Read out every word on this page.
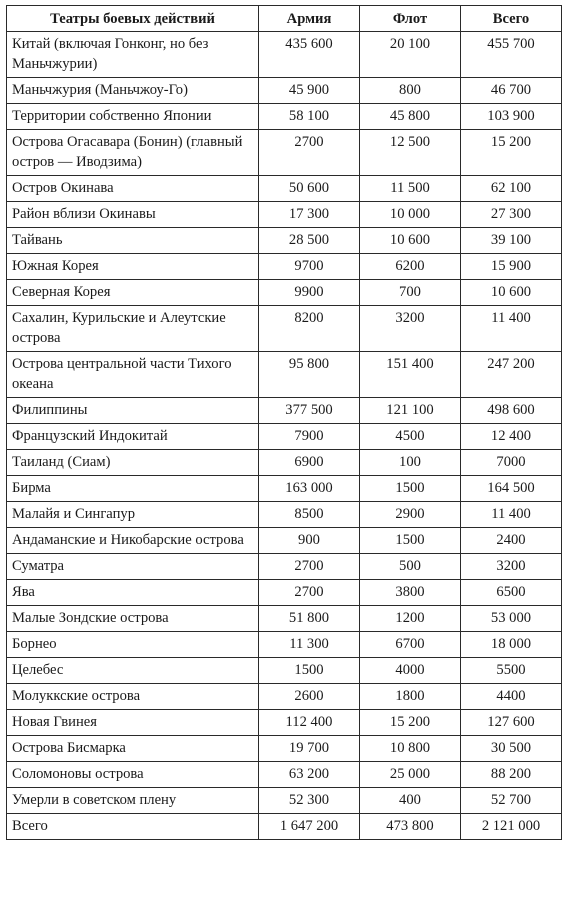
Театры боевых действий	Армия	Флот	Всего
Китай (включая Гонконг, но без Маньчжурии)	435 600	20 100	455 700
Маньчжурия (Маньчжоу-Го)	45 900	800	46 700
Территории собственно Японии	58 100	45 800	103 900
Острова Огасавара (Бонин) (главный остров — Иводзима)	2700	12 500	15 200
Остров Окинава	50 600	11 500	62 100
Район вблизи Окинавы	17 300	10 000	27 300
Тайвань	28 500	10 600	39 100
Южная Корея	9700	6200	15 900
Северная Корея	9900	700	10 600
Сахалин, Курильские и Алеутские острова	8200	3200	11 400
Острова центральной части Тихого океана	95 800	151 400	247 200
Филиппины	377 500	121 100	498 600
Французский Индокитай	7900	4500	12 400
Таиланд (Сиам)	6900	100	7000
Бирма	163 000	1500	164 500
Малайя и Сингапур	8500	2900	11 400
Андаманские и Никобарские острова	900	1500	2400
Суматра	2700	500	3200
Ява	2700	3800	6500
Малые Зондские острова	51 800	1200	53 000
Борнео	11 300	6700	18 000
Целебес	1500	4000	5500
Молуккские острова	2600	1800	4400
Новая Гвинея	112 400	15 200	127 600
Острова Бисмарка	19 700	10 800	30 500
Соломоновы острова	63 200	25 000	88 200
Умерли в советском плену	52 300	400	52 700
Всего	1 647 200	473 800	2 121 000
